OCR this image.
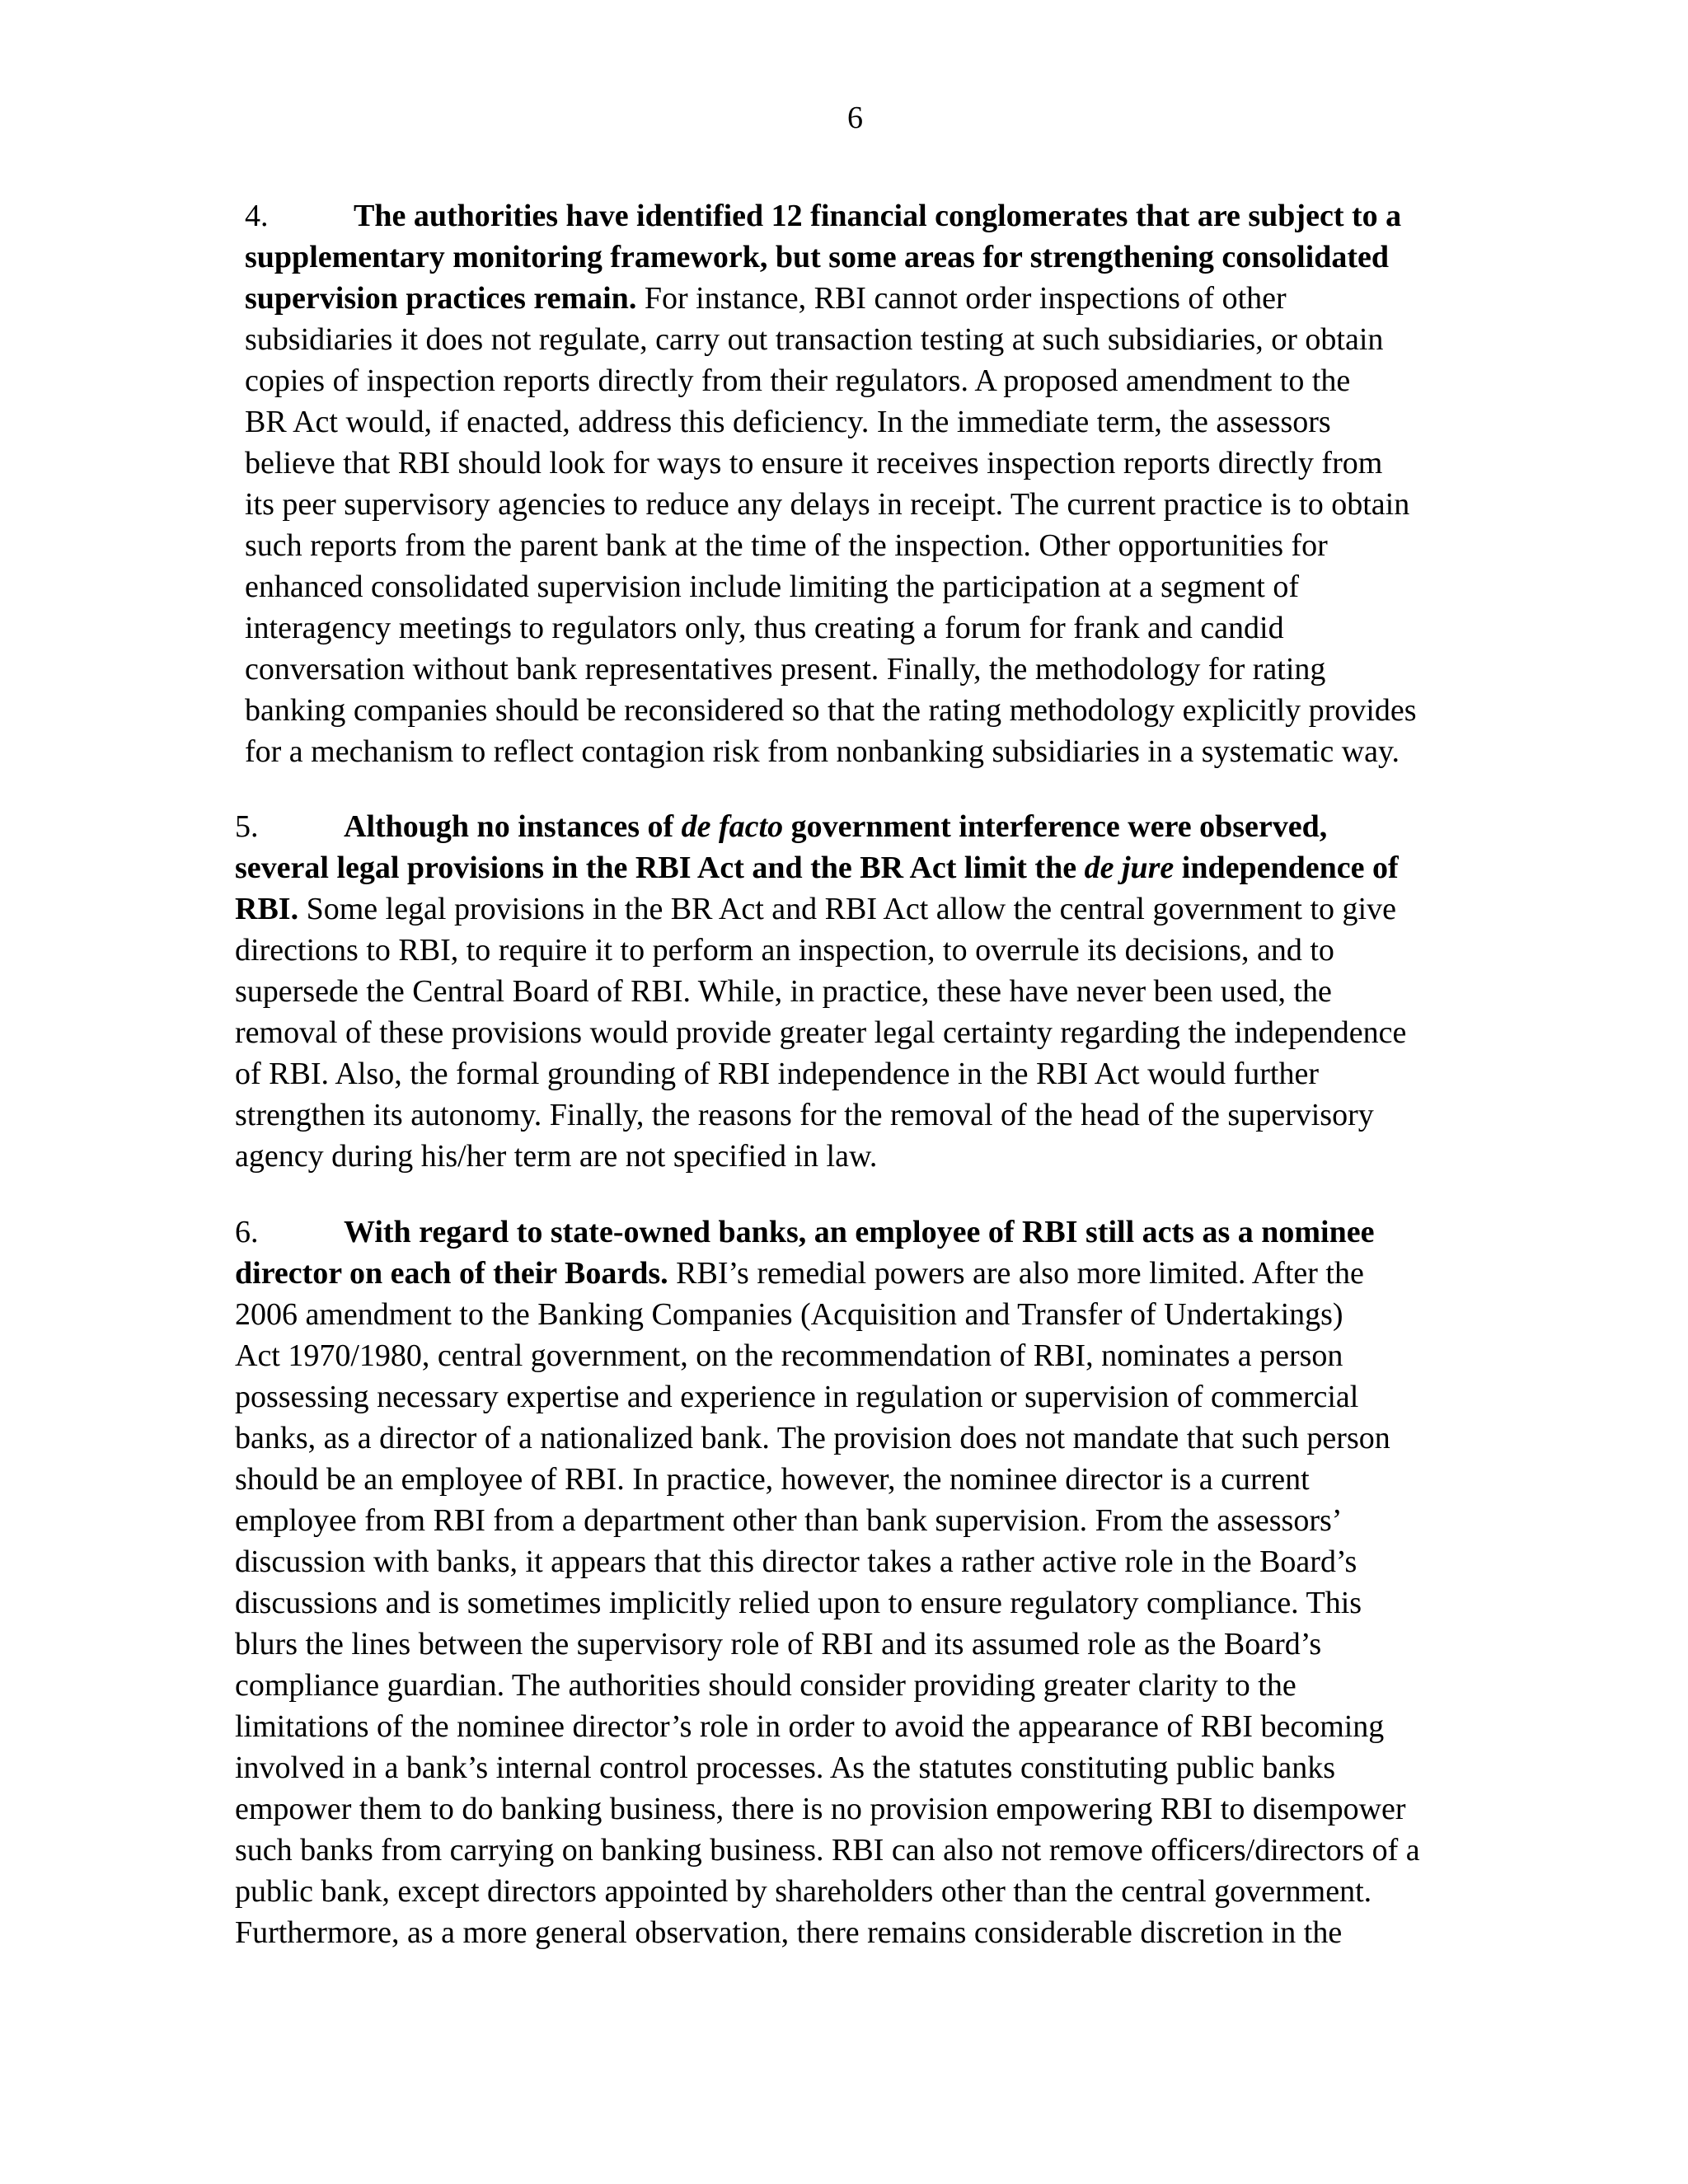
6
4.	The authorities have identified 12 financial conglomerates that are subject to a
supplementary monitoring framework, but some areas for strengthening consolidated
supervision practices remain. For instance, RBI cannot order inspections of other
subsidiaries it does not regulate, carry out transaction testing at such subsidiaries, or obtain
copies of inspection reports directly from their regulators. A proposed amendment to the
BR Act would, if enacted, address this deficiency. In the immediate term, the assessors
believe that RBI should look for ways to ensure it receives inspection reports directly from
its peer supervisory agencies to reduce any delays in receipt. The current practice is to obtain
such reports from the parent bank at the time of the inspection. Other opportunities for
enhanced consolidated supervision include limiting the participation at a segment of
interagency meetings to regulators only, thus creating a forum for frank and candid
conversation without bank representatives present. Finally, the methodology for rating
banking companies should be reconsidered so that the rating methodology explicitly provides
for a mechanism to reflect contagion risk from nonbanking subsidiaries in a systematic way.
5.	Although no instances of de facto government interference were observed,
several legal provisions in the RBI Act and the BR Act limit the de jure independence of
RBI. Some legal provisions in the BR Act and RBI Act allow the central government to give
directions to RBI, to require it to perform an inspection, to overrule its decisions, and to
supersede the Central Board of RBI. While, in practice, these have never been used, the
removal of these provisions would provide greater legal certainty regarding the independence
of RBI. Also, the formal grounding of RBI independence in the RBI Act would further
strengthen its autonomy. Finally, the reasons for the removal of the head of the supervisory
agency during his/her term are not specified in law.
6.	With regard to state-owned banks, an employee of RBI still acts as a nominee
director on each of their Boards. RBI’s remedial powers are also more limited. After the
2006 amendment to the Banking Companies (Acquisition and Transfer of Undertakings)
Act 1970/1980, central government, on the recommendation of RBI, nominates a person
possessing necessary expertise and experience in regulation or supervision of commercial
banks, as a director of a nationalized bank. The provision does not mandate that such person
should be an employee of RBI. In practice, however, the nominee director is a current
employee from RBI from a department other than bank supervision. From the assessors’
discussion with banks, it appears that this director takes a rather active role in the Board’s
discussions and is sometimes implicitly relied upon to ensure regulatory compliance. This
blurs the lines between the supervisory role of RBI and its assumed role as the Board’s
compliance guardian. The authorities should consider providing greater clarity to the
limitations of the nominee director’s role in order to avoid the appearance of RBI becoming
involved in a bank’s internal control processes. As the statutes constituting public banks
empower them to do banking business, there is no provision empowering RBI to disempower
such banks from carrying on banking business. RBI can also not remove officers/directors of a
public bank, except directors appointed by shareholders other than the central government.
Furthermore, as a more general observation, there remains considerable discretion in the
